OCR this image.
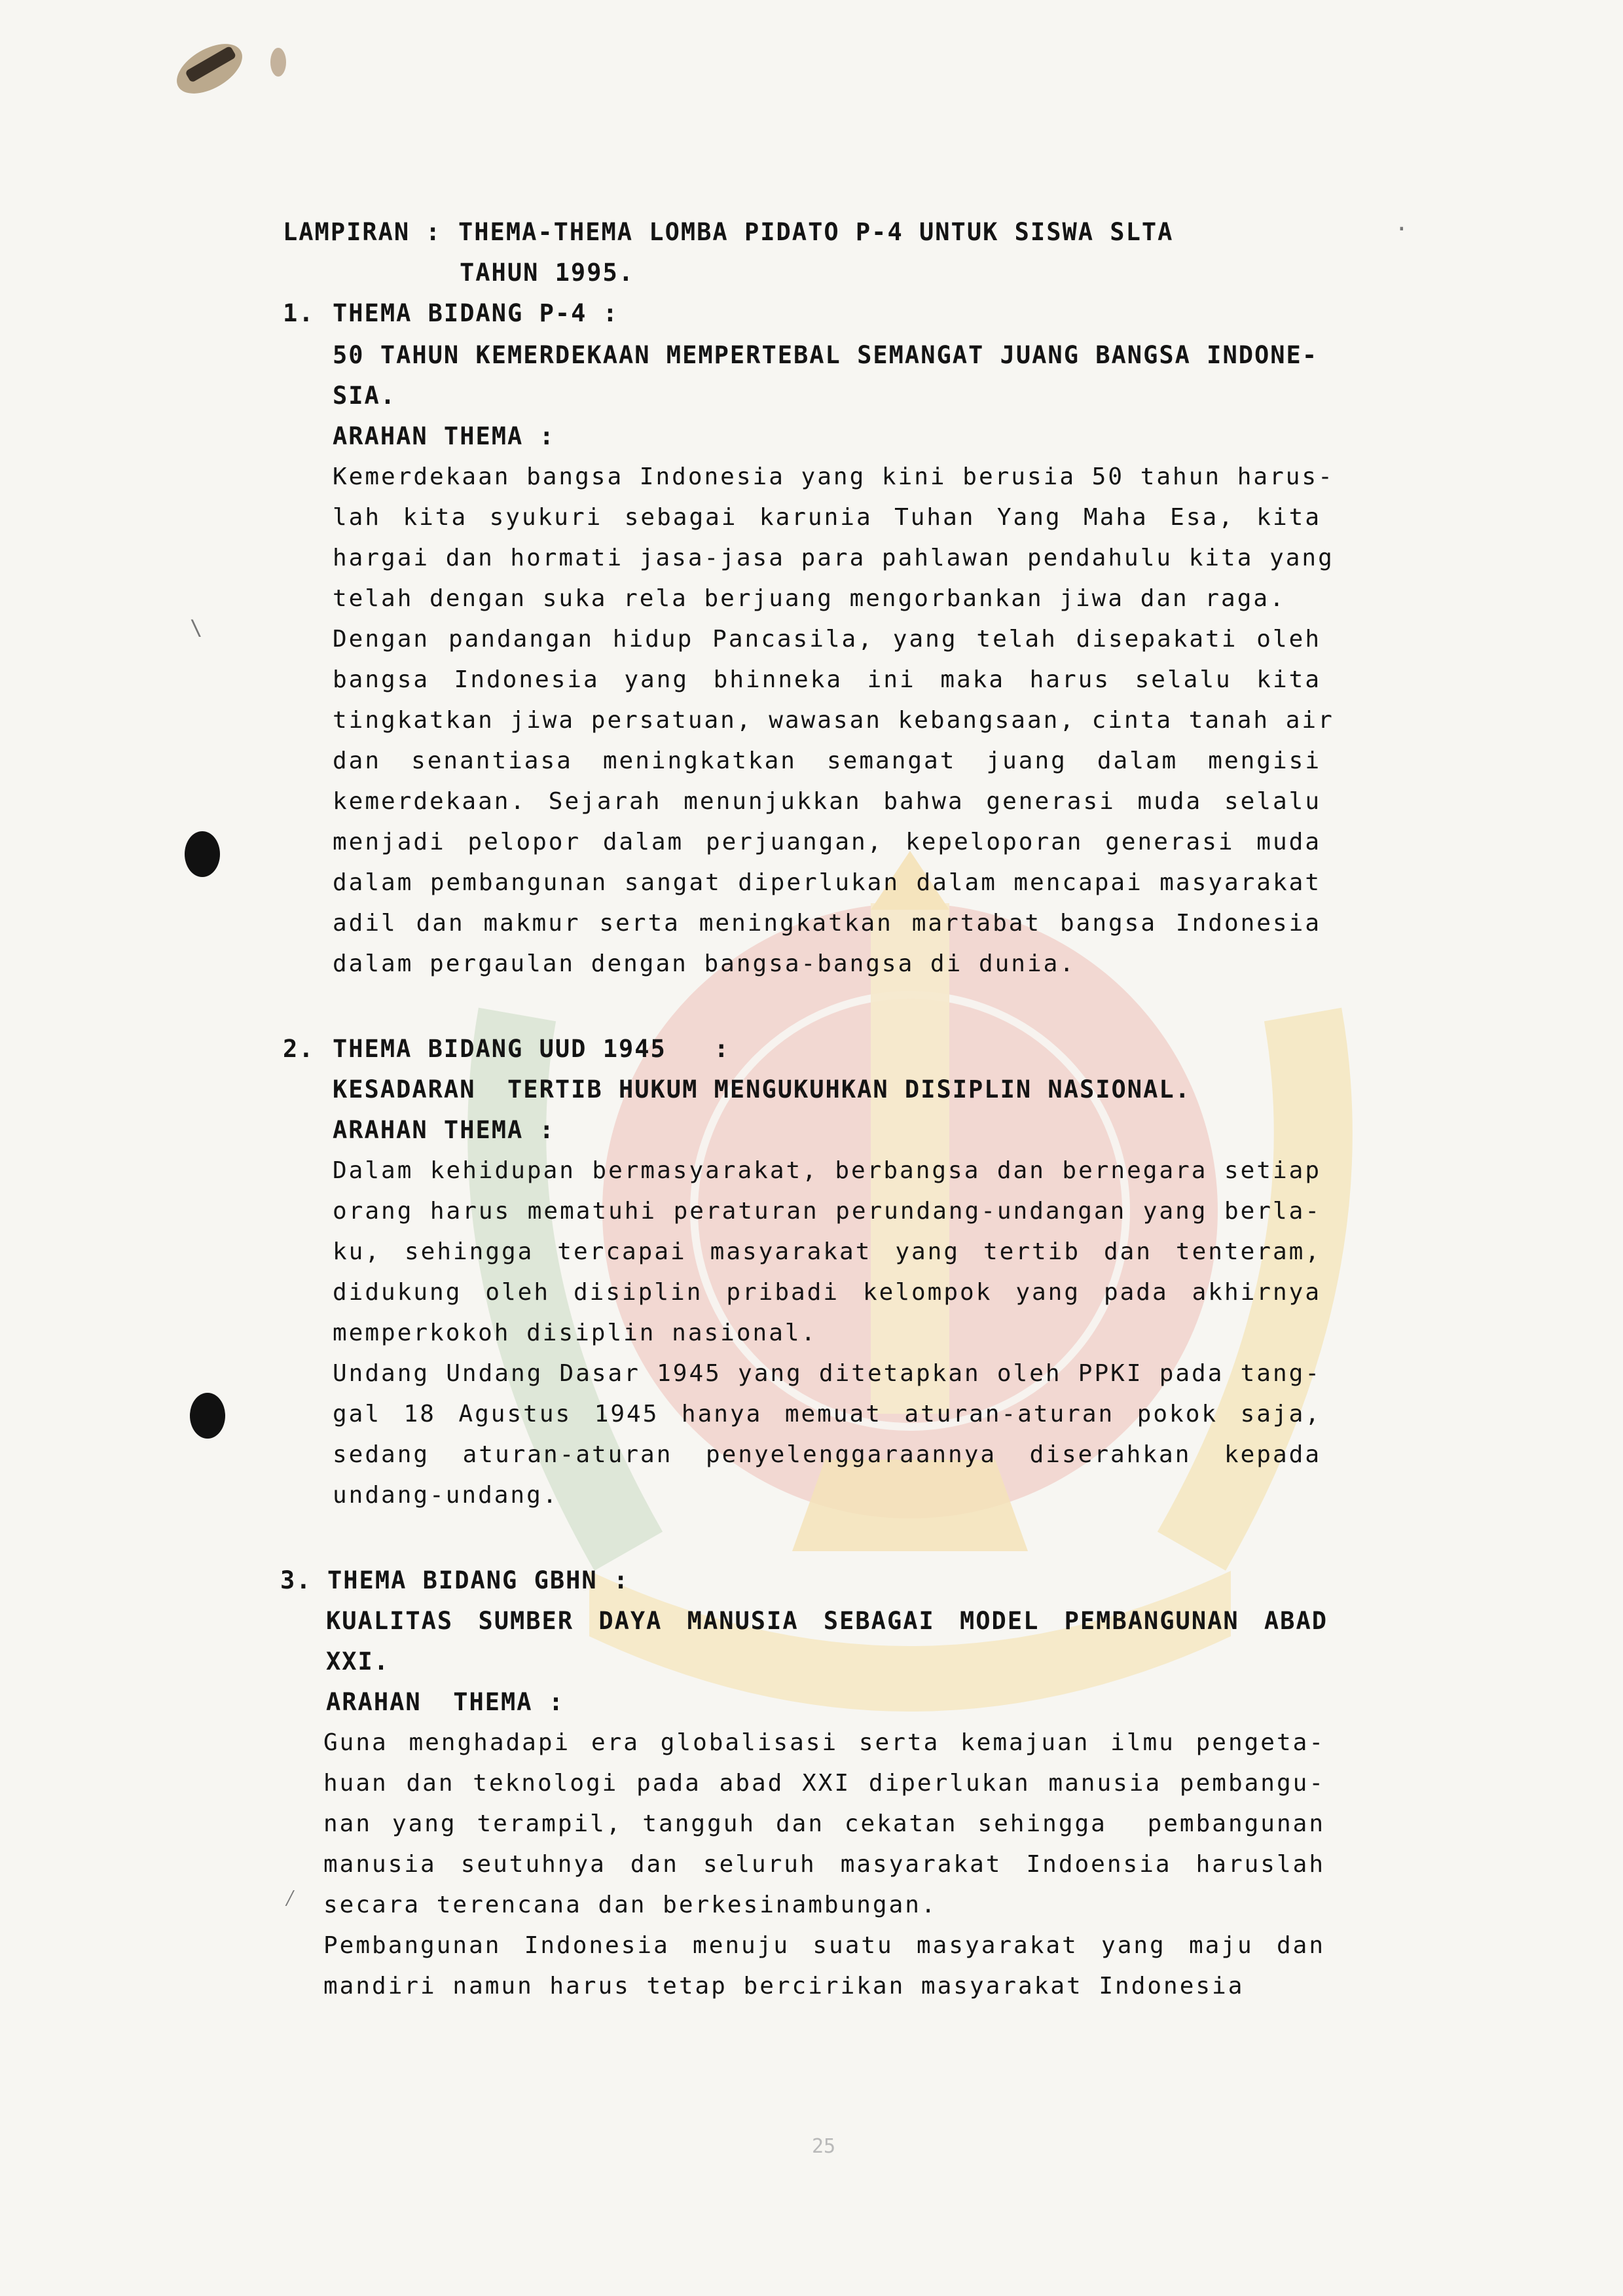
·
\
⁄
LAMPIRAN : THEMA-THEMA LOMBA PIDATO P-4 UNTUK SISWA SLTA
TAHUN 1995.
1. THEMA BIDANG P-4 :
50 TAHUN KEMERDEKAAN MEMPERTEBAL SEMANGAT JUANG BANGSA INDONE-
SIA.
ARAHAN THEMA :
Kemerdekaan bangsa Indonesia yang kini berusia 50 tahun harus-
lah kita syukuri sebagai karunia Tuhan Yang Maha Esa, kita
hargai dan hormati jasa-jasa para pahlawan pendahulu kita yang
telah dengan suka rela berjuang mengorbankan jiwa dan raga.
Dengan pandangan hidup Pancasila, yang telah disepakati oleh
bangsa Indonesia yang bhinneka ini maka harus selalu kita
tingkatkan jiwa persatuan, wawasan kebangsaan, cinta tanah air
dan senantiasa meningkatkan semangat juang dalam mengisi
kemerdekaan. Sejarah menunjukkan bahwa generasi muda selalu
menjadi pelopor dalam perjuangan, kepeloporan generasi muda
dalam pembangunan sangat diperlukan dalam mencapai masyarakat
adil dan makmur serta meningkatkan martabat bangsa Indonesia
dalam pergaulan dengan bangsa-bangsa di dunia.
2. THEMA BIDANG UUD 1945   :
KESADARAN  TERTIB HUKUM MENGUKUHKAN DISIPLIN NASIONAL.
ARAHAN THEMA :
Dalam kehidupan bermasyarakat, berbangsa dan bernegara setiap
orang harus mematuhi peraturan perundang-undangan yang berla-
ku, sehingga tercapai masyarakat yang tertib dan tenteram,
didukung oleh disiplin pribadi kelompok yang pada akhirnya
memperkokoh disiplin nasional.
Undang Undang Dasar 1945 yang ditetapkan oleh PPKI pada tang-
gal 18 Agustus 1945 hanya memuat aturan-aturan pokok saja,
sedang aturan-aturan penyelenggaraannya diserahkan kepada
undang-undang.
3. THEMA BIDANG GBHN :
KUALITAS SUMBER DAYA MANUSIA SEBAGAI MODEL PEMBANGUNAN ABAD
XXI.
ARAHAN  THEMA :
Guna menghadapi era globalisasi serta kemajuan ilmu pengeta-
huan dan teknologi pada abad XXI diperlukan manusia pembangu-
nan yang terampil, tangguh dan cekatan sehingga  pembangunan
manusia seutuhnya dan seluruh masyarakat Indoensia haruslah
secara terencana dan berkesinambungan.
Pembangunan Indonesia menuju suatu masyarakat yang maju dan
mandiri namun harus tetap bercirikan masyarakat Indonesia
25
